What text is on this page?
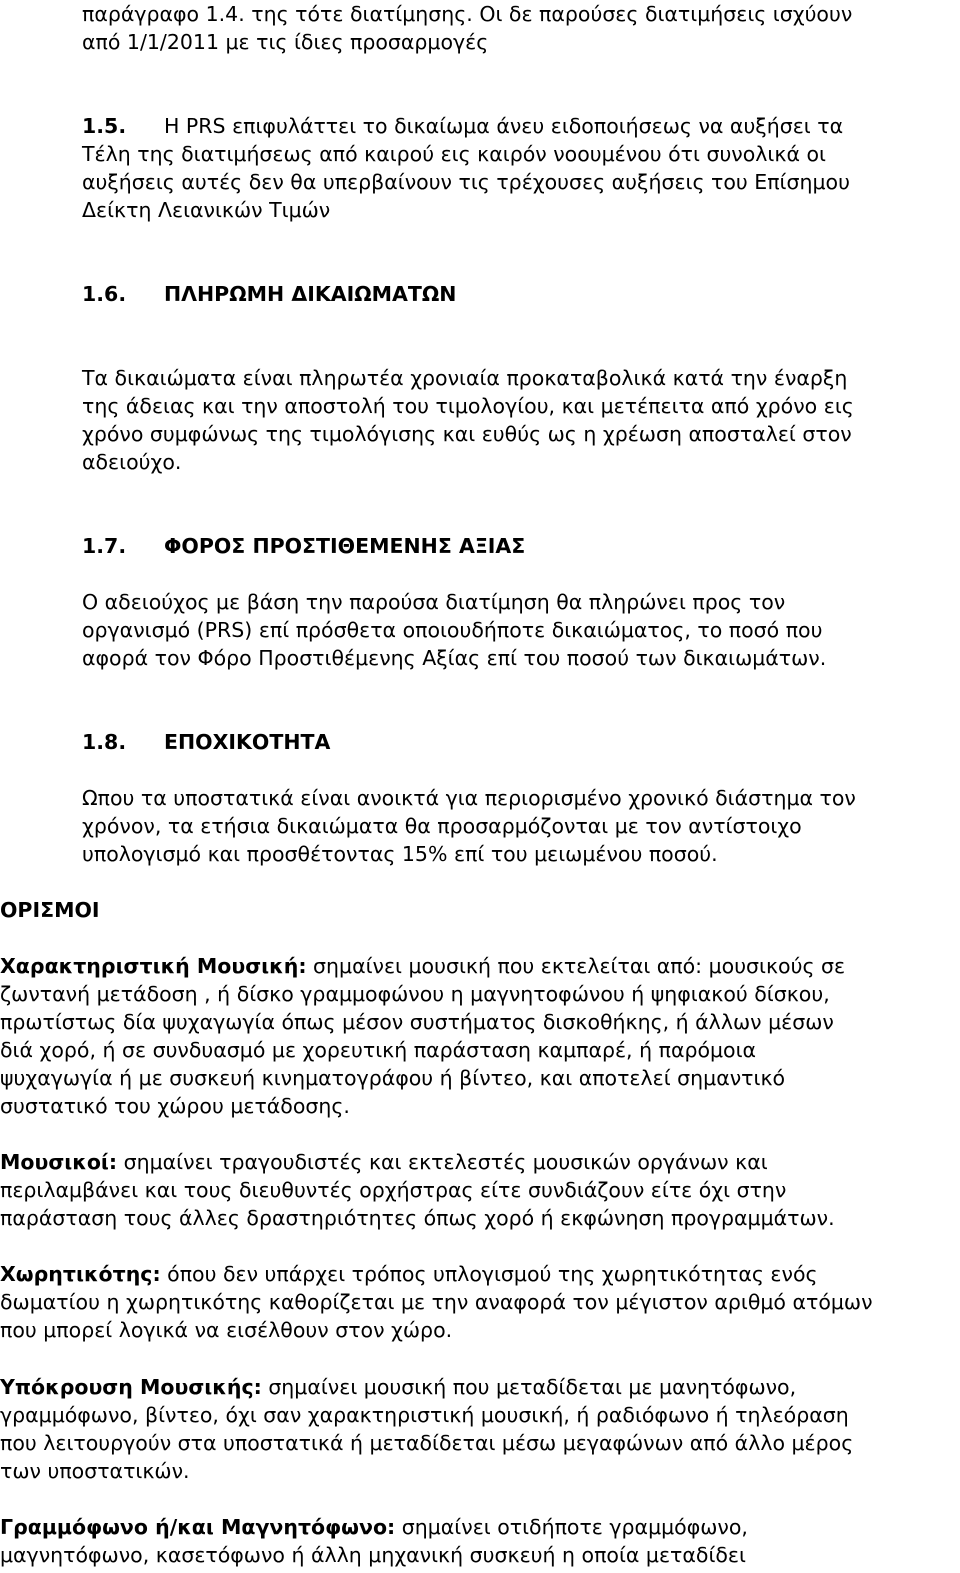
παράγραφο 1.4. της τότε διατίμησης. Οι δε παρούσες διατιμήσεις ισχύουν
από 1/1/2011 με τις ίδιες προσαρμογές
1.5. Η PRS επιφυλάττει το δικαίωμα άνευ ειδοποιήσεως να αυξήσει τα
Τέλη της διατιμήσεως από καιρού εις καιρόν νοουμένου ότι συνολικά οι
αυξήσεις αυτές δεν θα υπερβαίνουν τις τρέχουσες αυξήσεις του Επίσημου
Δείκτη Λειανικών Τιμών
1.6. ΠΛΗΡΩΜΗ ΔΙΚΑΙΩΜΑΤΩΝ
Τα δικαιώματα είναι πληρωτέα χρονιαία προκαταβολικά κατά την έναρξη
της άδειας και την αποστολή του τιμολογίου, και μετέπειτα από χρόνο εις
χρόνο συμφώνως της τιμολόγισης και ευθύς ως η χρέωση αποσταλεί στον
αδειούχο.
1.7. ΦΟΡΟΣ ΠΡΟΣΤΙΘΕΜΕΝΗΣ ΑΞΙΑΣ
Ο αδειούχος με βάση την παρούσα διατίμηση θα πληρώνει προς τον
οργανισμό (PRS) επί πρόσθετα οποιουδήποτε δικαιώματος, το ποσό που
αφορά τον Φόρο Προστιθέμενης Αξίας επί του ποσού των δικαιωμάτων.
1.8. ΕΠΟΧΙΚΟΤΗΤΑ
Ωπου τα υποστατικά είναι ανοικτά για περιορισμένο χρονικό διάστημα τον
χρόνον, τα ετήσια δικαιώματα θα προσαρμόζονται με τον αντίστοιχο
υπολογισμό και προσθέτοντας 15% επί του μειωμένου ποσού.
ΟΡΙΣΜΟΙ
Χαρακτηριστική Μουσική: σημαίνει μουσική που εκτελείται από: μουσικούς σε
ζωντανή μετάδοση , ή δίσκο γραμμοφώνου η μαγνητοφώνου ή ψηφιακού δίσκου,
πρωτίστως δία ψυχαγωγία όπως μέσον συστήματος δισκοθήκης, ή άλλων μέσων
διά χορό, ή σε συνδυασμό με χορευτική παράσταση καμπαρέ, ή παρόμοια
ψυχαγωγία ή με συσκευή κινηματογράφου ή βίντεο, και αποτελεί σημαντικό
συστατικό του χώρου μετάδοσης.
Μουσικοί: σημαίνει τραγουδιστές και εκτελεστές μουσικών οργάνων και
περιλαμβάνει και τους διευθυντές ορχήστρας είτε συνδιάζουν είτε όχι στην
παράσταση τους άλλες δραστηριότητες όπως χορό ή εκφώνηση προγραμμάτων.
Χωρητικότης: όπου δεν υπάρχει τρόπος υπλογισμού της χωρητικότητας ενός
δωματίου η χωρητικότης καθορίζεται με την αναφορά τον μέγιστον αριθμό ατόμων
που μπορεί λογικά να εισέλθουν στον χώρο.
Υπόκρουση Μουσικής: σημαίνει μουσική που μεταδίδεται με μανητόφωνο,
γραμμόφωνο, βίντεο, όχι σαν χαρακτηριστική μουσική, ή ραδιόφωνο ή τηλεόραση
που λειτουργούν στα υποστατικά ή μεταδίδεται μέσω μεγαφώνων από άλλο μέρος
των υποστατικών.
Γραμμόφωνο ή/και Μαγνητόφωνο: σημαίνει οτιδήποτε γραμμόφωνο,
μαγνητόφωνο, κασετόφωνο ή άλλη μηχανική συσκευή η οποία μεταδίδει
